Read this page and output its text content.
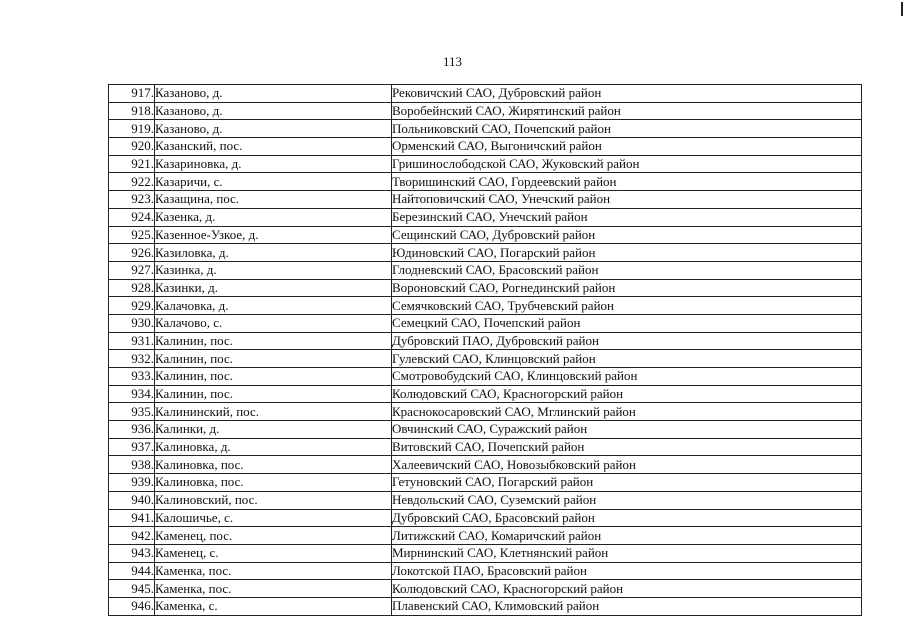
113
917.	Казаново, д.	Рековичский САО, Дубровский район
918.	Казаново, д.	Воробейнский САО, Жирятинский район
919.	Казаново, д.	Польниковский САО, Почепский район
920.	Казанский, пос.	Орменский САО, Выгоничский район
921.	Казариновка, д.	Гришинослободской САО, Жуковский район
922.	Казаричи, с.	Творишинский САО, Гордеевский район
923.	Казащина, пос.	Найтоповичский САО, Унечский район
924.	Казенка, д.	Березинский САО, Унечский район
925.	Казенное-Узкое, д.	Сещинский САО, Дубровский район
926.	Казиловка, д.	Юдиновский САО, Погарский район
927.	Казинка, д.	Глодневский САО, Брасовский район
928.	Казинки, д.	Вороновский САО, Рогнединский район
929.	Калачовка, д.	Семячковский САО, Трубчевский район
930.	Калачово, с.	Семецкий САО, Почепский район
931.	Калинин, пос.	Дубровский ПАО, Дубровский район
932.	Калинин, пос.	Гулевский САО, Клинцовский район
933.	Калинин, пос.	Смотровобудский САО, Клинцовский район
934.	Калинин, пос.	Колюдовский САО, Красногорский район
935.	Калининский, пос.	Краснокосаровский САО, Мглинский район
936.	Калинки, д.	Овчинский САО, Суражский район
937.	Калиновка, д.	Витовский САО, Почепский район
938.	Калиновка, пос.	Халеевичский САО, Новозыбковский район
939.	Калиновка, пос.	Гетуновский САО, Погарский район
940.	Калиновский, пос.	Невдольский САО, Суземский район
941.	Калошичье, с.	Дубровский САО, Брасовский район
942.	Каменец, пос.	Литижский САО, Комаричский район
943.	Каменец, с.	Мирнинский САО, Клетнянский район
944.	Каменка, пос.	Локотской ПАО, Брасовский район
945.	Каменка, пос.	Колюдовский САО, Красногорский район
946.	Каменка, с.	Плавенский САО, Климовский район
